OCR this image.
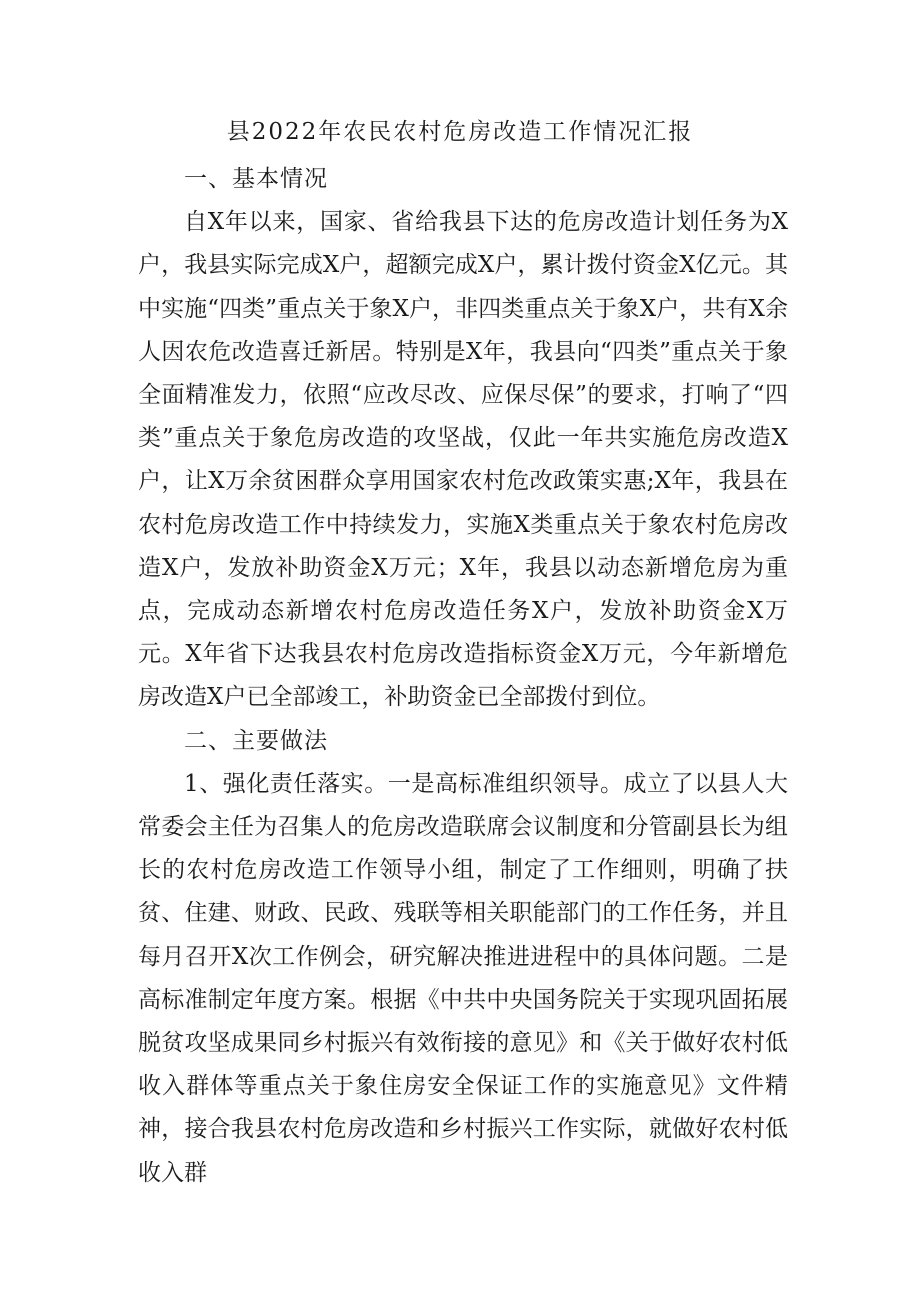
县2022年农民农村危房改造工作情况汇报

一、基本情况

自X年以来，国家、省给我县下达的危房改造计划任务为X户，我县实际完成X户，超额完成X户，累计拨付资金X亿元。其中实施“四类”重点关于象X户，非四类重点关于象X户，共有X余人因农危改造喜迁新居。特别是X年，我县向“四类”重点关于象全面精准发力，依照“应改尽改、应保尽保”的要求，打响了“四类”重点关于象危房改造的攻坚战，仅此一年共实施危房改造X户，让X万余贫困群众享用国家农村危改政策实惠;X年，我县在农村危房改造工作中持续发力，实施X类重点关于象农村危房改造X户，发放补助资金X万元；X年，我县以动态新增危房为重点，完成动态新增农村危房改造任务X户，发放补助资金X万元。X年省下达我县农村危房改造指标资金X万元，今年新增危房改造X户已全部竣工，补助资金已全部拨付到位。

二、主要做法

1、强化责任落实。一是高标准组织领导。成立了以县人大常委会主任为召集人的危房改造联席会议制度和分管副县长为组长的农村危房改造工作领导小组，制定了工作细则，明确了扶贫、住建、财政、民政、残联等相关职能部门的工作任务，并且每月召开X次工作例会，研究解决推进进程中的具体问题。二是高标准制定年度方案。根据《中共中央国务院关于实现巩固拓展脱贫攻坚成果同乡村振兴有效衔接的意见》和《关于做好农村低收入群体等重点关于象住房安全保证工作的实施意见》文件精神，接合我县农村危房改造和乡村振兴工作实际，就做好农村低收入群
